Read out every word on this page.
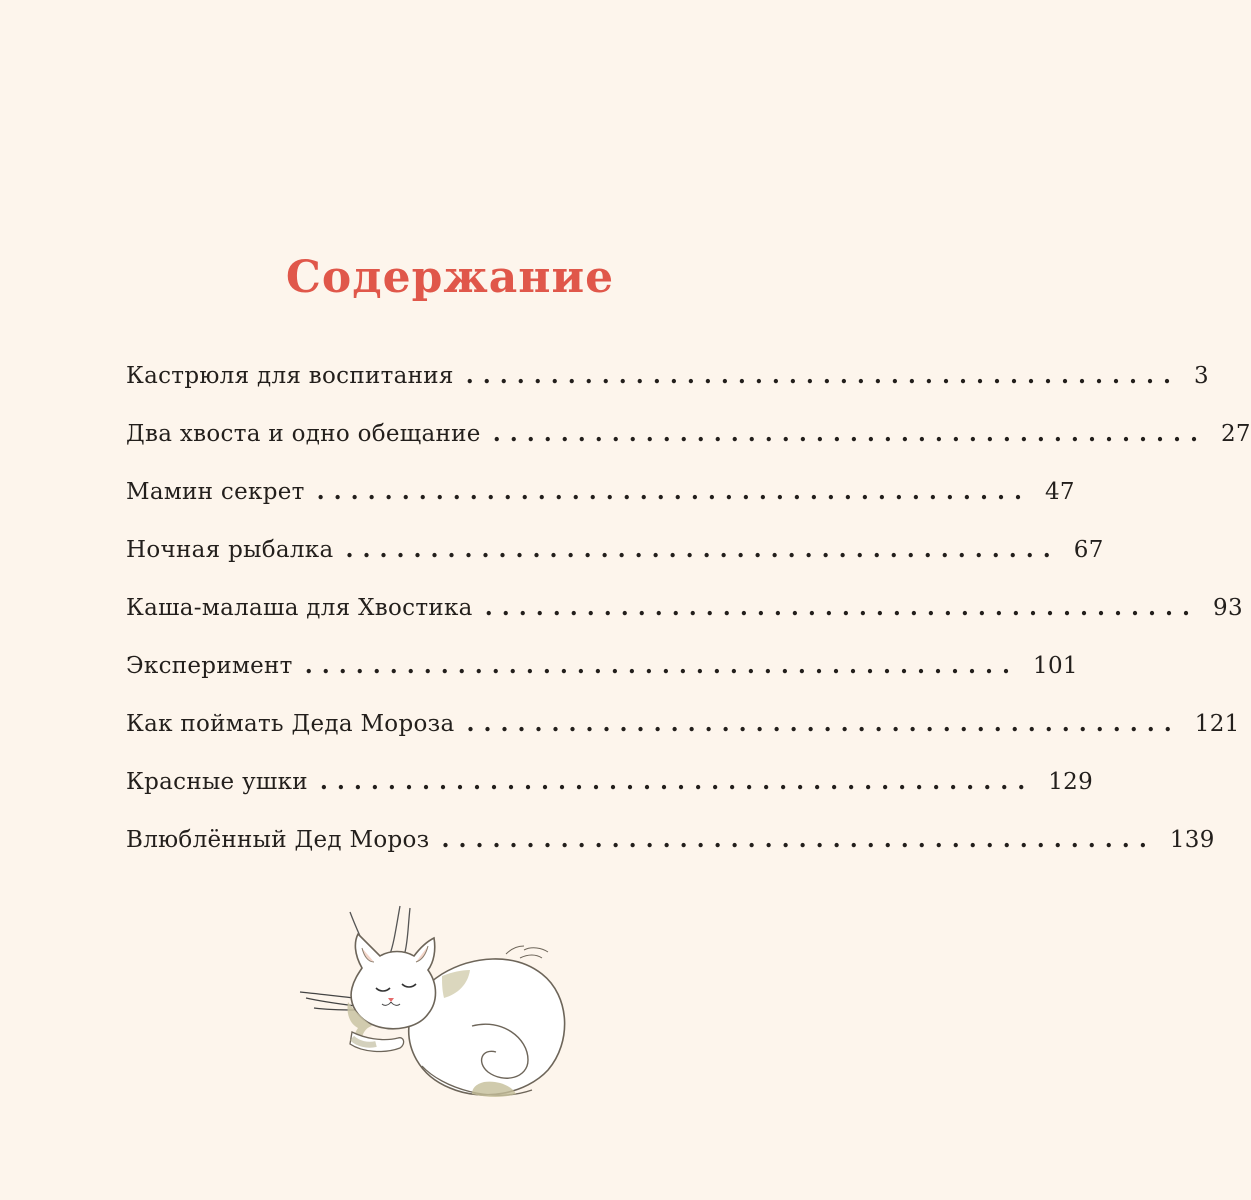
Содержание
Кастрюля для воспитания .......................................... 3
Два хвоста и одно обещание .......................................... 27
Мамин секрет .......................................... 47
Ночная рыбалка .......................................... 67
Каша-малаша для Хвостика .......................................... 93
Эксперимент .......................................... 101
Как поймать Деда Мороза .......................................... 121
Красные ушки .......................................... 129
Влюблённый Дед Мороз .......................................... 139
